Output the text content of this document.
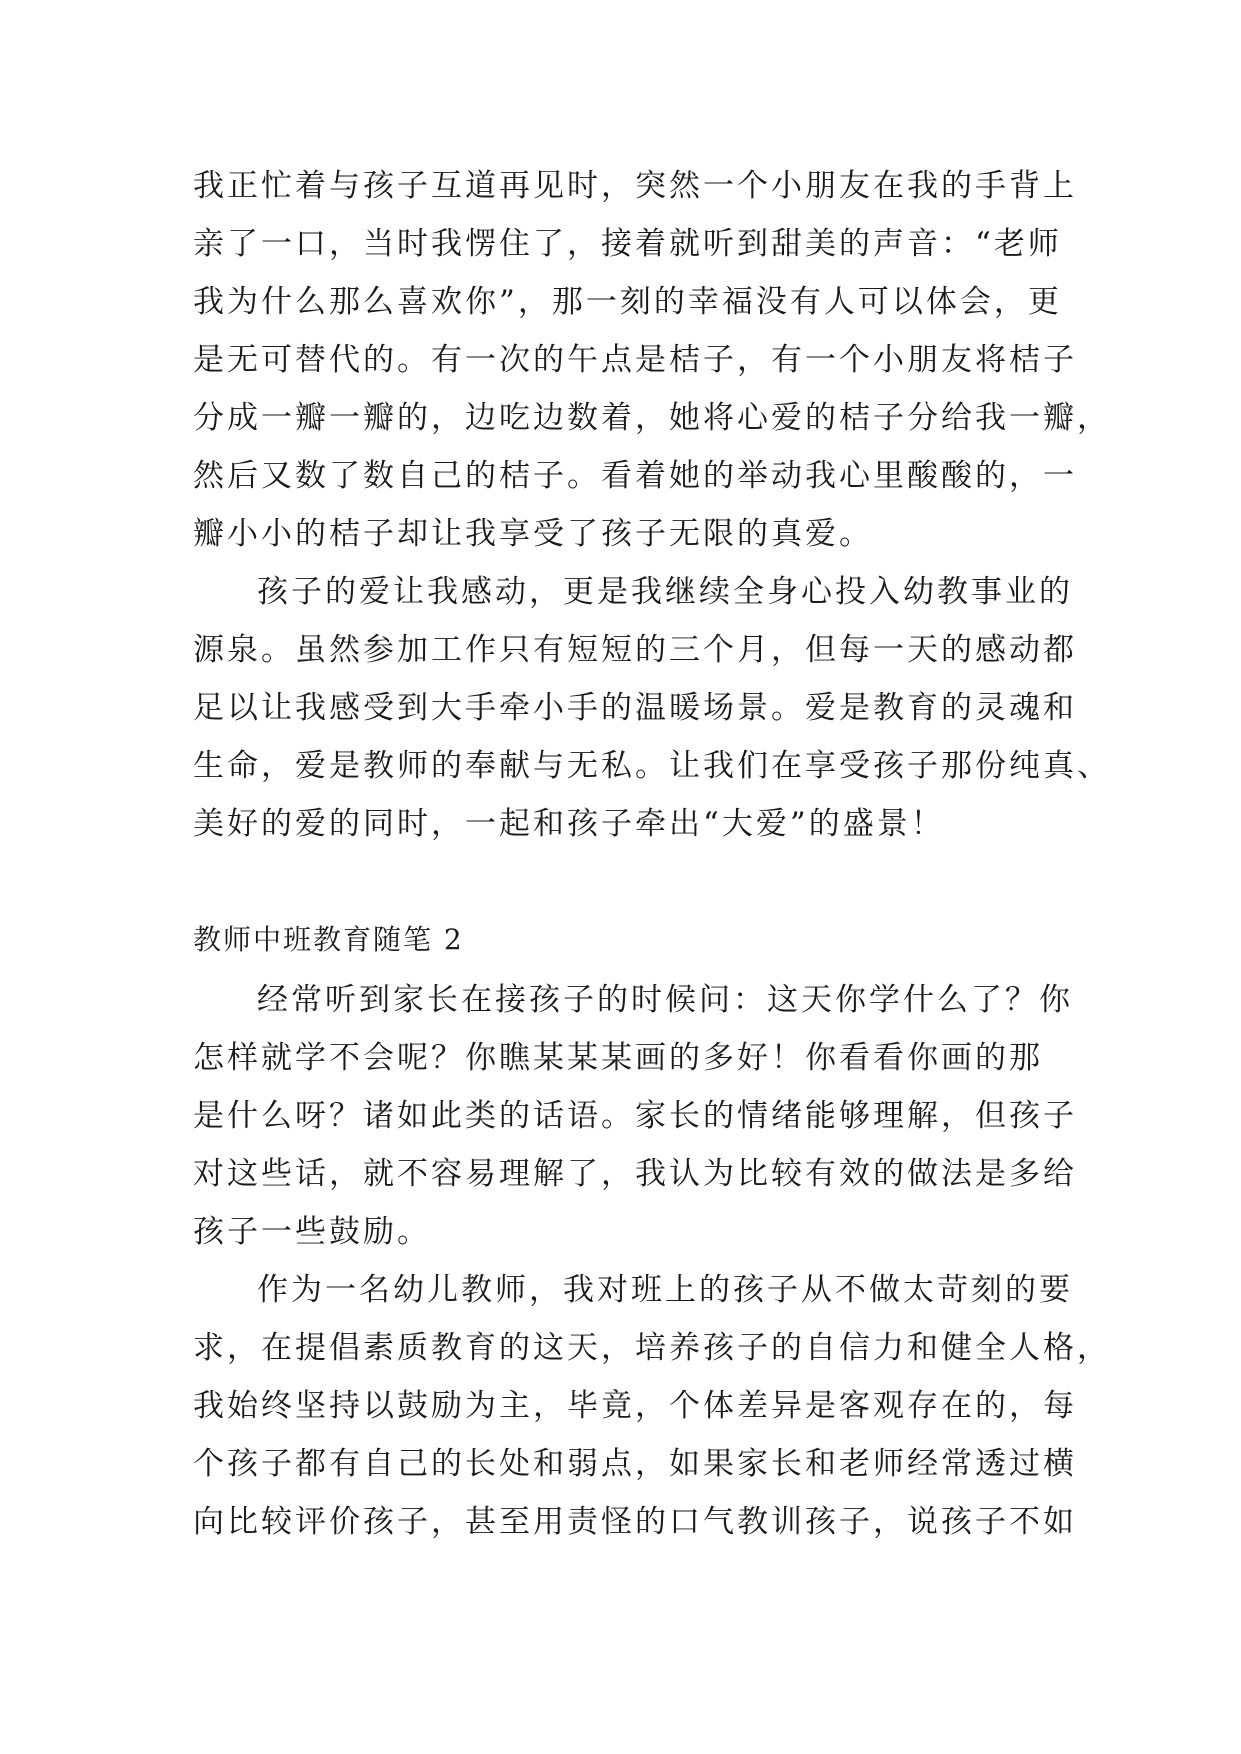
我正忙着与孩子互道再见时，突然一个小朋友在我的手背上
亲了一口，当时我愣住了，接着就听到甜美的声音：“老师
我为什么那么喜欢你”，那一刻的幸福没有人可以体会，更
是无可替代的。有一次的午点是桔子，有一个小朋友将桔子
分成一瓣一瓣的，边吃边数着，她将心爱的桔子分给我一瓣，
然后又数了数自己的桔子。看着她的举动我心里酸酸的，一
瓣小小的桔子却让我享受了孩子无限的真爱。
孩子的爱让我感动，更是我继续全身心投入幼教事业的
源泉。虽然参加工作只有短短的三个月，但每一天的感动都
足以让我感受到大手牵小手的温暖场景。爱是教育的灵魂和
生命，爱是教师的奉献与无私。让我们在享受孩子那份纯真、
美好的爱的同时，一起和孩子牵出“大爱”的盛景！
教师中班教育随笔 2
经常听到家长在接孩子的时候问：这天你学什么了？你
怎样就学不会呢？你瞧某某某画的多好！你看看你画的那
是什么呀？诸如此类的话语。家长的情绪能够理解，但孩子
对这些话，就不容易理解了，我认为比较有效的做法是多给
孩子一些鼓励。
作为一名幼儿教师，我对班上的孩子从不做太苛刻的要
求，在提倡素质教育的这天，培养孩子的自信力和健全人格，
我始终坚持以鼓励为主，毕竟，个体差异是客观存在的，每
个孩子都有自己的长处和弱点，如果家长和老师经常透过横
向比较评价孩子，甚至用责怪的口气教训孩子，说孩子不如
